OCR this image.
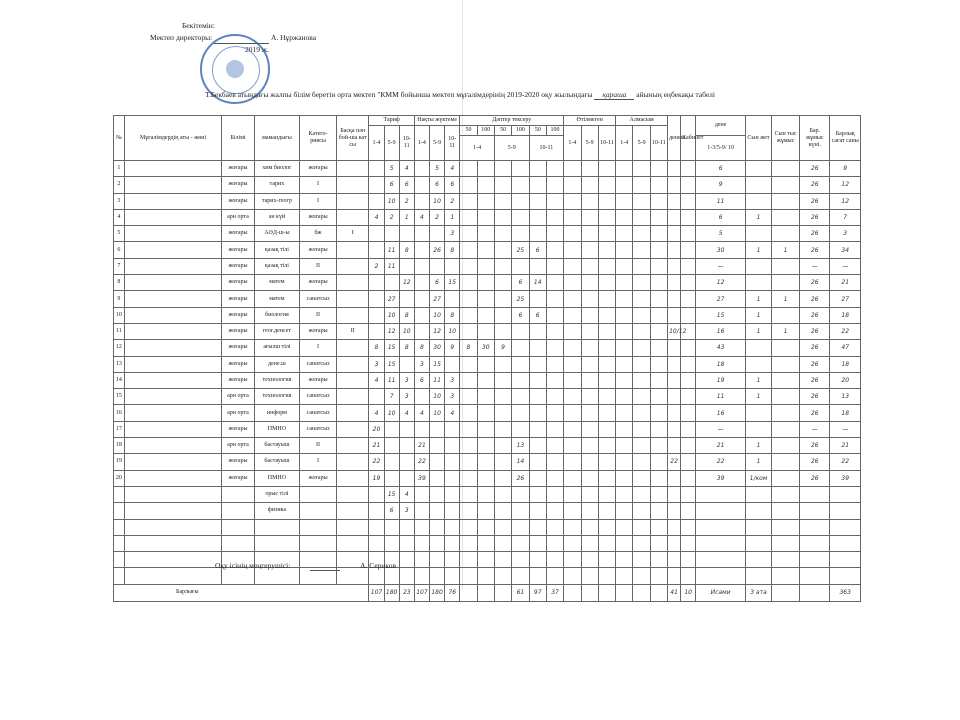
Бекітемін:
Мектеп директоры:	А. Нұржанова
2019 ж.
Т.Бекбаев атындағы жалпы білім беретін орта мектеп "КММ бойынша мектеп мұғалімдерінің 2019-2020 оқу жылындағы қараша айының еңбекақы табелі
№	Мұғалімдердің аты - жөні	Білімі	мамандығы	Катего- риясы	Басқа пән бой-ша кат сы	Тариф			Нақты жүктеме			Дәптер тексеру						Өтілмеген			Алмасым			денеш	Кабинет	дене	Сын жет	Сын тыс жұмыс	Бар. жұмыс күні.	Барлық сағат саны
						1-4	5-9	10-11	1-4	5-9	10-11	50	100	50	100	50	100	1-4	5-9	10-11	1-4	5-9	10-11							
												1-4		5-9		10-11										1-3/5-9/ 10				
1		жоғары	хим биолог	жоғары			5	4		5	4															6			26	9
2		жоғары	тарих	I			6	6		6	6															9			26	12
3		жоғары	тарих-геогр	I			10	2		10	2															11			26	12
4		арн орта	ән күй	жоғары		4	2	1	4	2	1															6	1		26	7
5		жоғары	АӘД-ш-ы	бж	I						3															5			26	3
6		жоғары	қазақ тілі	жоғары			11	8		26	8				25	6										30	1	1	26	34
7		жоғары	қазақ тілі	II		2	11																			—			—	—
8		жоғары	матем	жоғары				12		6	15				6	14										12			26	21
9		жоғары	матем	санатсыз			27			27					25											27	1	1	26	27
10		жоғары	биология	II			10	8		10	8				6	6										15	1		26	18
11		жоғары	геог.денсет	жоғары	II		12	10		12	10													10/12		16	1	1	26	22
12		жоғары	ағылш тілі	I		8	15	8	8	30	9	8	30	9												43			26	47
13		жоғары	дене.ш	санатсыз		3	15		3	15																18			26	18
14		жоғары	технология	жоғары		4	11	3	6	11	3															19	1		26	20
15		арн орта	технология	санатсыз			7	3		10	3															11	1		26	13
16		арн орта	информ	санатсыз		4	10	4	4	10	4															16			26	18
17		жоғары	ПМНО	санатсыз		20																				—			—	—
18		арн орта	бастауыш	II		21			21						13											21	1		26	21
19		жоғары	бастауыш	I		22			22						14									22		22	1		26	22
20		жоғары	ПМНО	жоғары		19			39						26											39	1/ком		26	39
			орыс тілі				15	4																						
			физика				6	3																						

Барлығы						107	180	23	107	180	76				61	97	37							41	10	Исами	3 ата			363
Оқу ісінің меңгерушісі:	А. Сериков
